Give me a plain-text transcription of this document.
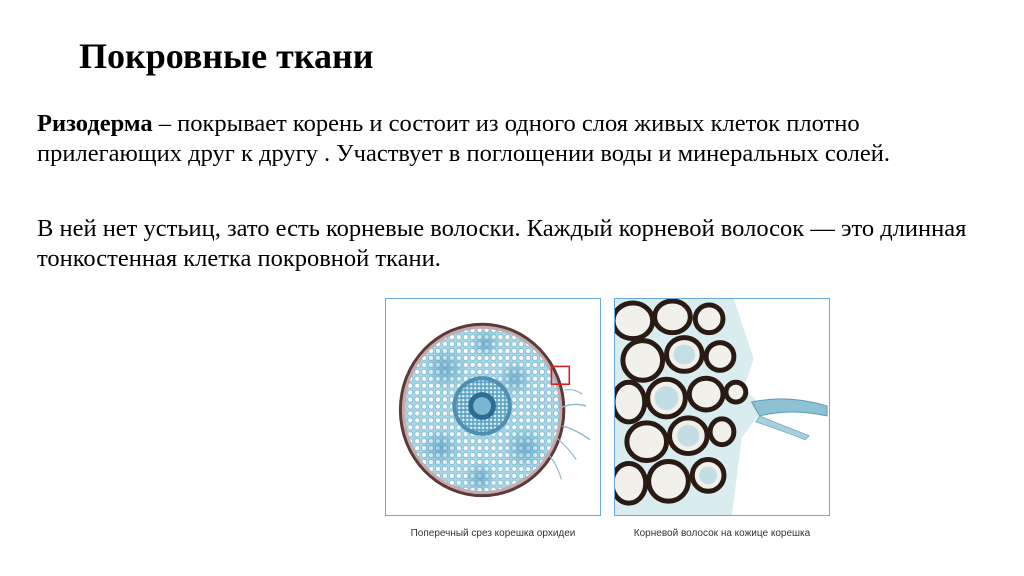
Покровные ткани

Ризодерма – покрывает корень и состоит из одного слоя живых клеток плотно прилегающих друг к другу . Участвует в поглощении воды и минеральных солей.

В ней нет устьиц, зато есть корневые волоски. Каждый корневой волосок — это длинная тонкостенная клетка покровной ткани.

Поперечный срез корешка орхидеи	Корневой волосок на кожице корешка
